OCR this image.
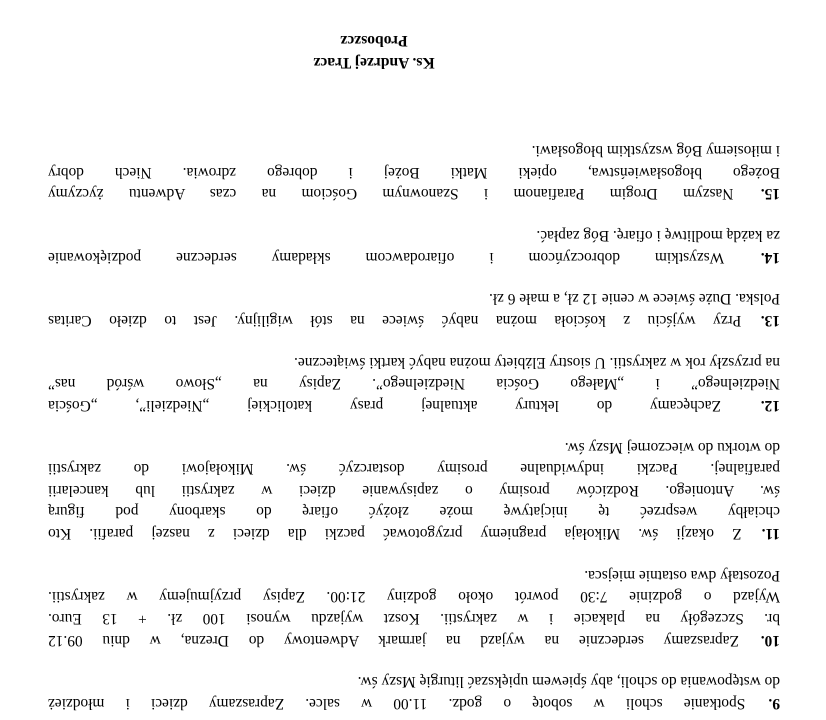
9. Spotkanie scholi w sobotę o godz. 11.00 w salce. Zapraszamy dzieci i młodzież
do wstępowania do scholi, aby śpiewem upiększać liturgię Mszy św.
10. Zapraszamy serdecznie na wyjazd na jarmark Adwentowy do Drezna, w dniu 09.12
br. Szczegóły na plakacie i w zakrystii. Koszt wyjazdu wynosi 100 zł. + 13 Euro.
Wyjazd o godzinie 7:30 powrót około godziny 21:00. Zapisy przyjmujemy w zakrystii.
Pozostały dwa ostatnie miejsca.
11. Z okazji św. Mikołaja pragniemy przygotować paczki dla dzieci z naszej parafii. Kto
chciałby wesprzeć tę inicjatywę może złożyć ofiarę do skarbony pod figurą
św. Antoniego. Rodziców prosimy o zapisywanie dzieci w zakrystii lub kancelarii
parafialnej. Paczki indywidualne prosimy dostarczyć św. Mikołajowi do zakrystii
do wtorku do wieczornej Mszy św.
12. Zachęcamy do lektury aktualnej prasy katolickiej „Niedzieli”, „Gościa
Niedzielnego” i „Małego Gościa Niedzielnego”. Zapisy na „Słowo wśród nas”
na przyszły rok w zakrystii. U siostry Elżbiety można nabyć kartki świąteczne.
13. Przy wyjściu z kościoła można nabyć świece na stół wigilijny. Jest to dzieło Caritas
Polska. Duże świece w cenie 12 zł, a małe 6 zł.
14. Wszystkim dobroczyńcom i ofiarodawcom składamy serdeczne podziękowanie
za każdą modlitwę i ofiarę. Bóg zapłać.
15. Naszym Drogim Parafianom i Szanownym Gościom na czas Adwentu życzymy
Bożego błogosławieństwa, opieki Matki Bożej i dobrego zdrowia. Niech dobry
i miłosierny Bóg wszystkim błogosławi.
Ks. Andrzej Tracz
Proboszcz
